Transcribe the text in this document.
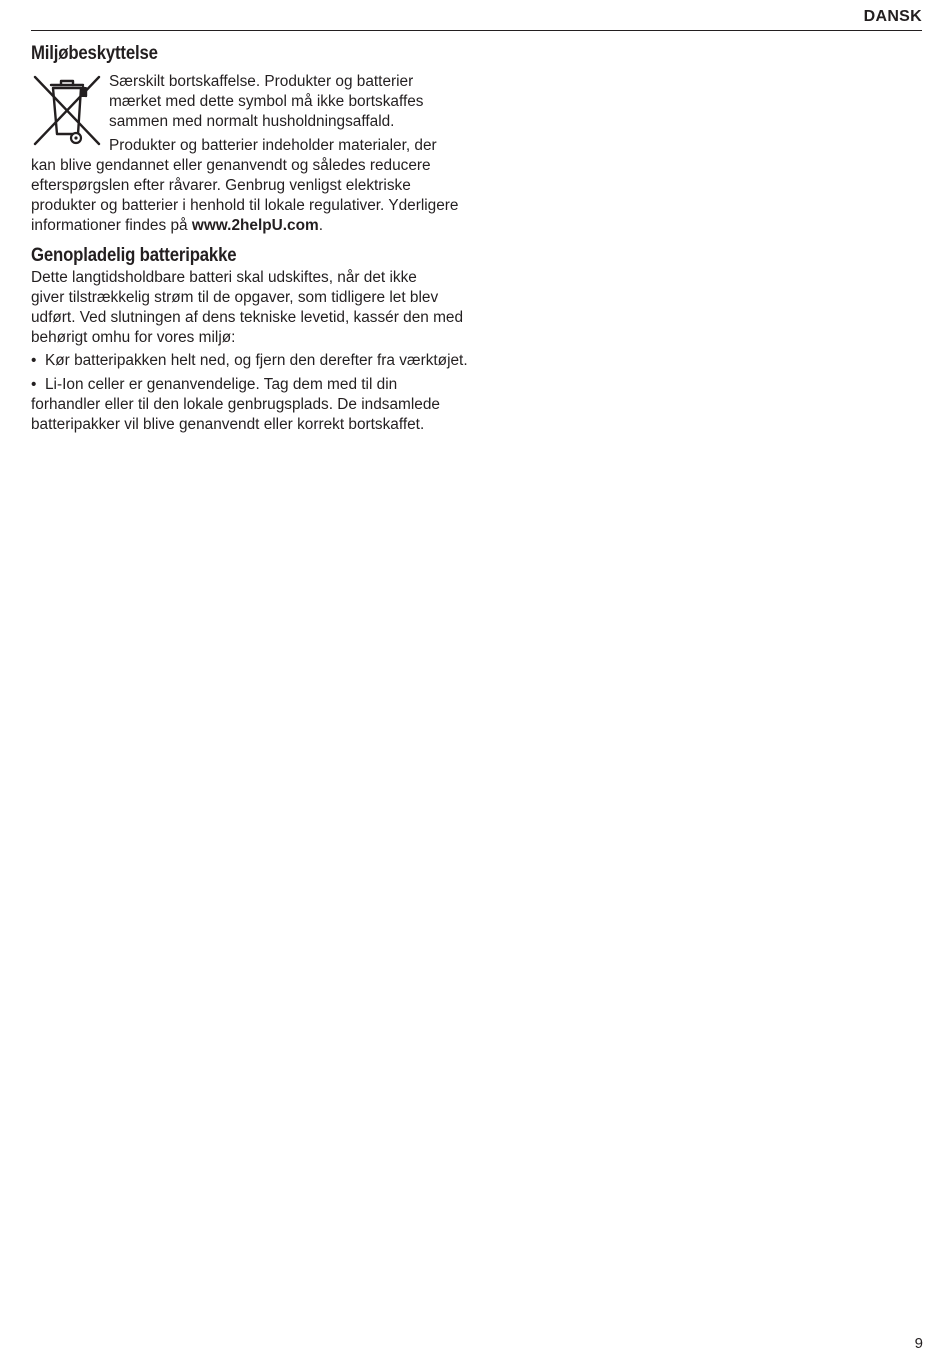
DANSK
Miljøbeskyttelse

Særskilt bortskaffelse. Produkter og batterier
mærket med dette symbol må ikke bortskaffes
sammen med normalt husholdningsaffald.

Produkter og batterier indeholder materialer, der
kan blive gendannet eller genanvendt og således reducere
efterspørgslen efter råvarer. Genbrug venligst elektriske
produkter og batterier i henhold til lokale regulativer. Yderligere
informationer findes på www.2helpU.com.

Genopladelig batteripakke

Dette langtidsholdbare batteri skal udskiftes, når det ikke
giver tilstrækkelig strøm til de opgaver, som tidligere let blev
udført. Ved slutningen af dens tekniske levetid, kassér den med
behørigt omhu for vores miljø:

• Kør batteripakken helt ned, og fjern den derefter fra værktøjet.
• Li-Ion celler er genanvendelige. Tag dem med til din
forhandler eller til den lokale genbrugsplads. De indsamlede
batteripakker vil blive genanvendt eller korrekt bortskaffet.
9
